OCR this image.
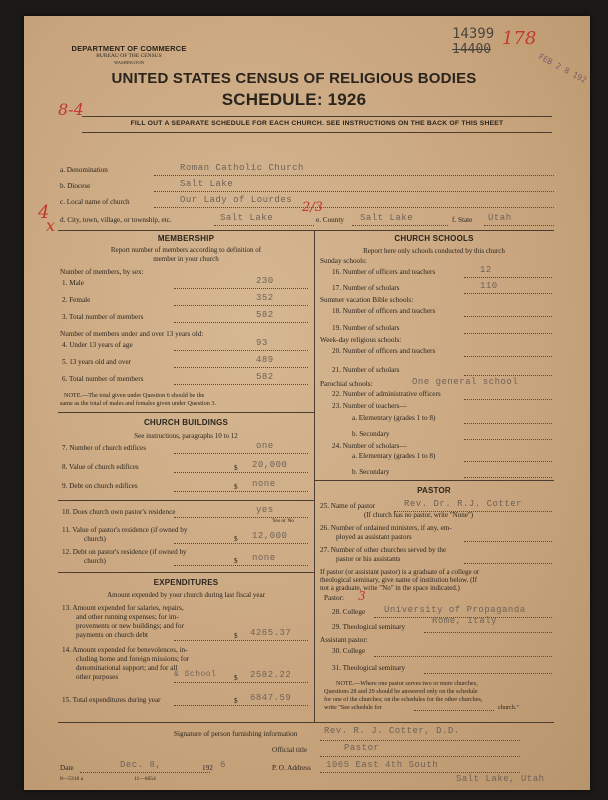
DEPARTMENT OF COMMERCE
BUREAU OF THE CENSUS
WASHINGTON
UNITED STATES CENSUS OF RELIGIOUS BODIES
SCHEDULE: 1926
FILL OUT A SEPARATE SCHEDULE FOR EACH CHURCH. SEE INSTRUCTIONS ON THE BACK OF THIS SHEET
14399
14400
178
FEB 2 8 192
8-4
4
x
2/3
d. City, town, village, or township, etc.	Salt Lake	e. County Salt Lake	f. State Utah
Signature of person furnishing information	Rev. R. J. Cotter, D.D.
Official title	Pastor
Date	Dec. 8,	192 6	P. O. Address 1065 East 4th South
Salt Lake, Utah
8—5318 a	11—6654
a. Denomination	Roman Catholic Church
b. Diocese	Salt Lake
c. Local name of church	Our Lady of Lourdes
MEMBERSHIP
Report number of members according to definition of
member in your church
Number of members, by sex:
1. Male	230
2. Female	352
3. Total number of members	582
Number of members under and over 13 years old:
4. Under 13 years of age	93
5. 13 years old and over	489
6. Total number of members	582
NOTE.—The total given under Question 6 should be the
same as the total of males and females given under Question 3.
CHURCH BUILDINGS
See instructions, paragraphs 10 to 12
7. Number of church edifices	one
8. Value of church edifices	$ 20,000
9. Debt on church edifices	$ none
10. Does church own pastor's residence	yes
Yes or No
11. Value of pastor's residence (if owned by
church)	$ 12,000
12. Debt on pastor's residence (if owned by
church)	$ none
EXPENDITURES
Amount expended by your church during last fiscal year
13. Amount expended for salaries, repairs,
and other running expenses; for im-
provements or new buildings; and for
payments on church debt	$ 4265.37
14. Amount expended for benevolences, in-
cluding home and foreign missions; for
denominational support; and for all
other purposes	& School $ 2582.22
15. Total expenditures during year	$ 6847.59
CHURCH SCHOOLS
Report here only schools conducted by this church
Sunday schools:
16. Number of officers and teachers	12
17. Number of scholars	110
Summer vacation Bible schools:
18. Number of officers and teachers
19. Number of scholars
Week-day religious schools:
20. Number of officers and teachers
21. Number of scholars
Parochial schools:	One general school
22. Number of administrative officers
23. Number of teachers—
a. Elementary (grades 1 to 8)
b. Secondary
24. Number of scholars—
a. Elementary (grades 1 to 8)
b. Secondary
PASTOR
25. Name of pastor	Rev. Dr. R.J. Cotter
(If church has no pastor, write "None")
26. Number of ordained ministers, if any, em-
ployed as assistant pastors
27. Number of other churches served by the
pastor or his assistants
If pastor (or assistant pastor) is a graduate of a college or
theological seminary, give name of institution below. (If
not a graduate, write "No" in the space indicated.)
Pastor: 3
28. College University of Propaganda
29. Theological seminary
Rome, Italy
Assistant pastor:
30. College
31. Theological seminary
NOTE.—Where one pastor serves two or more churches,
Questions 28 and 29 should be answered only on the schedule
for one of the churches; on the schedules for the other churches,
write "See schedule for	church."
